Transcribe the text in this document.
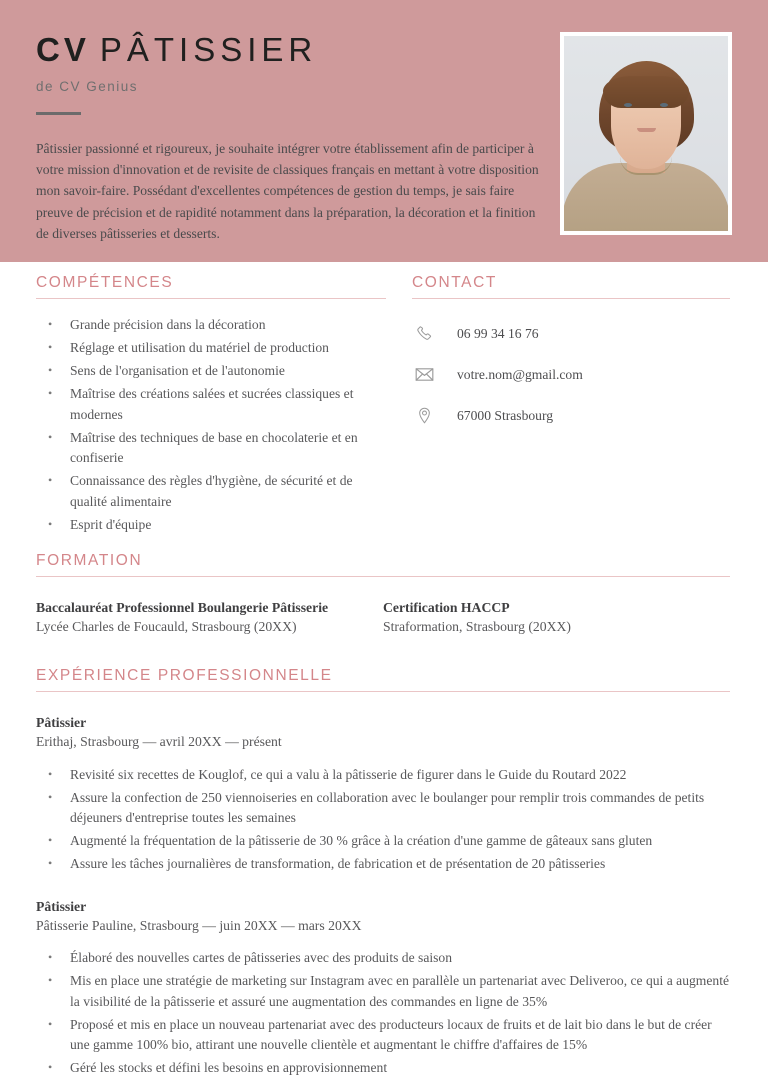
CV PÂTISSIER
de CV Genius
Pâtissier passionné et rigoureux, je souhaite intégrer votre établissement afin de participer à votre mission d'innovation et de revisite de classiques français en mettant à votre disposition mon savoir-faire. Possédant d'excellentes compétences de gestion du temps, je sais faire preuve de précision et de rapidité notamment dans la préparation, la décoration et la finition de diverses pâtisseries et desserts.
COMPÉTENCES
• Grande précision dans la décoration
• Réglage et utilisation du matériel de production
• Sens de l'organisation et de l'autonomie
• Maîtrise des créations salées et sucrées classiques et modernes
• Maîtrise des techniques de base en chocolaterie et en confiserie
• Connaissance des règles d'hygiène, de sécurité et de qualité alimentaire
• Esprit d'équipe
CONTACT
06 99 34 16 76
votre.nom@gmail.com
67000 Strasbourg
FORMATION
Baccalauréat Professionnel Boulangerie Pâtisserie
Lycée Charles de Foucauld, Strasbourg (20XX)
Certification HACCP
Straformation, Strasbourg (20XX)
EXPÉRIENCE PROFESSIONNELLE
Pâtissier
Erithaj, Strasbourg — avril 20XX — présent
• Revisité six recettes de Kouglof, ce qui a valu à la pâtisserie de figurer dans le Guide du Routard 2022
• Assure la confection de 250 viennoiseries en collaboration avec le boulanger pour remplir trois commandes de petits déjeuners d'entreprise toutes les semaines
• Augmenté la fréquentation de la pâtisserie de 30 % grâce à la création d'une gamme de gâteaux sans gluten
• Assure les tâches journalières de transformation, de fabrication et de présentation de 20 pâtisseries
Pâtissier
Pâtisserie Pauline, Strasbourg — juin 20XX — mars 20XX
• Élaboré des nouvelles cartes de pâtisseries avec des produits de saison
• Mis en place une stratégie de marketing sur Instagram avec en parallèle un partenariat avec Deliveroo, ce qui a augmenté la visibilité de la pâtisserie et assuré une augmentation des commandes en ligne de 35%
• Proposé et mis en place un nouveau partenariat avec des producteurs locaux de fruits et de lait bio dans le but de créer une gamme 100% bio, attirant une nouvelle clientèle et augmentant le chiffre d'affaires de 15%
• Géré les stocks et défini les besoins en approvisionnement
